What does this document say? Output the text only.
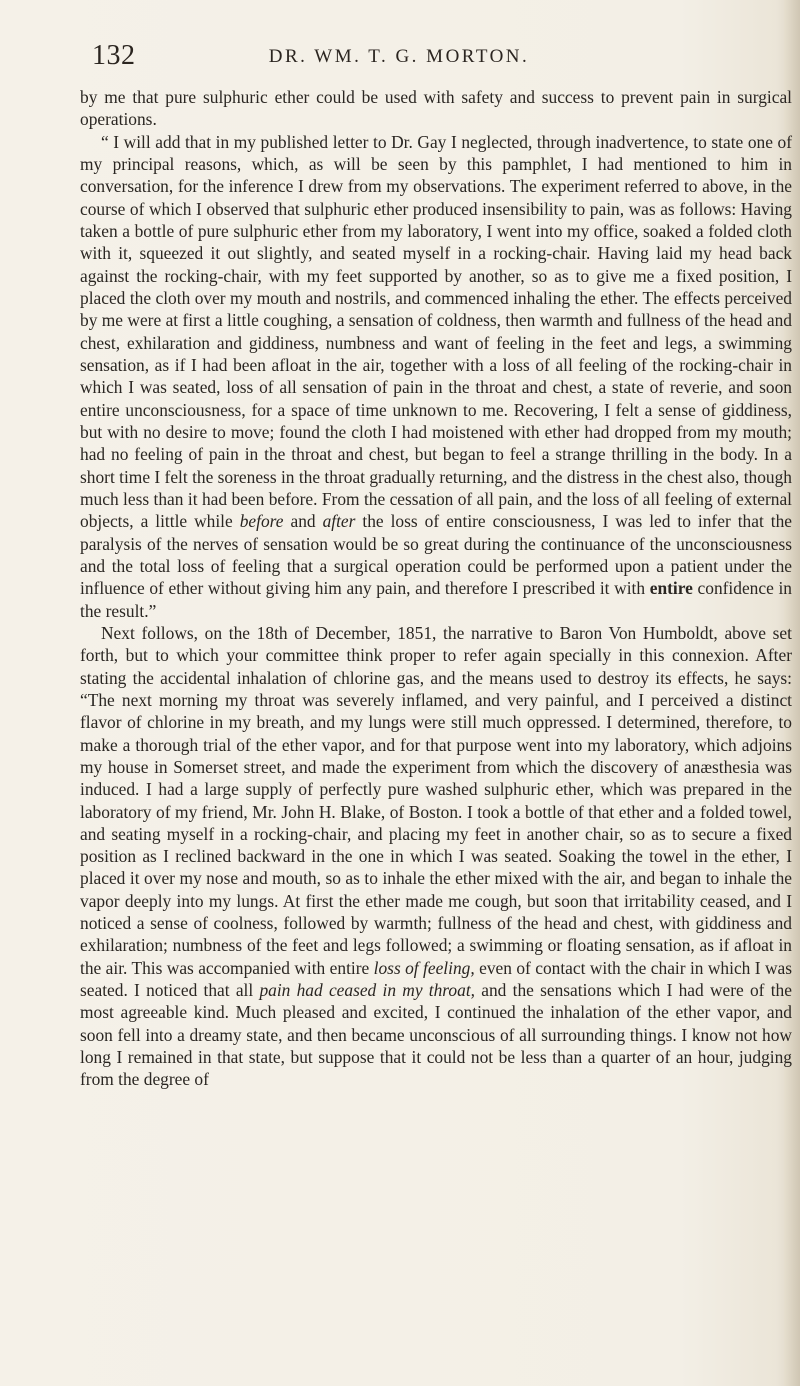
132	DR. WM. T. G. MORTON.

by me that pure sulphuric ether could be used with safety and success to prevent pain in surgical operations.

“ I will add that in my published letter to Dr. Gay I neglected, through inadvertence, to state one of my principal reasons, which, as will be seen by this pamphlet, I had mentioned to him in conversation, for the inference I drew from my observations. The experiment referred to above, in the course of which I observed that sulphuric ether produced insensibility to pain, was as follows: Having taken a bottle of pure sulphuric ether from my laboratory, I went into my office, soaked a folded cloth with it, squeezed it out slightly, and seated myself in a rocking-chair. Having laid my head back against the rocking-chair, with my feet supported by another, so as to give me a fixed position, I placed the cloth over my mouth and nostrils, and commenced inhaling the ether. The effects perceived by me were at first a little coughing, a sensation of coldness, then warmth and fullness of the head and chest, exhilaration and giddiness, numbness and want of feeling in the feet and legs, a swimming sensation, as if I had been afloat in the air, together with a loss of all feeling of the rocking-chair in which I was seated, loss of all sensation of pain in the throat and chest, a state of reverie, and soon entire unconsciousness, for a space of time unknown to me. Recovering, I felt a sense of giddiness, but with no desire to move; found the cloth I had moistened with ether had dropped from my mouth; had no feeling of pain in the throat and chest, but began to feel a strange thrilling in the body. In a short time I felt the soreness in the throat gradually returning, and the distress in the chest also, though much less than it had been before. From the cessation of all pain, and the loss of all feeling of external objects, a little while before and after the loss of entire consciousness, I was led to infer that the paralysis of the nerves of sensation would be so great during the continuance of the unconsciousness and the total loss of feeling that a surgical operation could be performed upon a patient under the influence of ether without giving him any pain, and therefore I prescribed it with entire confidence in the result.”

Next follows, on the 18th of December, 1851, the narrative to Baron Von Humboldt, above set forth, but to which your committee think proper to refer again specially in this connexion. After stating the accidental inhalation of chlorine gas, and the means used to destroy its effects, he says: “The next morning my throat was severely inflamed, and very painful, and I perceived a distinct flavor of chlorine in my breath, and my lungs were still much oppressed. I determined, therefore, to make a thorough trial of the ether vapor, and for that purpose went into my laboratory, which adjoins my house in Somerset street, and made the experiment from which the discovery of anæsthesia was induced. I had a large supply of perfectly pure washed sulphuric ether, which was prepared in the laboratory of my friend, Mr. John H. Blake, of Boston. I took a bottle of that ether and a folded towel, and seating myself in a rocking-chair, and placing my feet in another chair, so as to secure a fixed position as I reclined backward in the one in which I was seated. Soaking the towel in the ether, I placed it over my nose and mouth, so as to inhale the ether mixed with the air, and began to inhale the vapor deeply into my lungs. At first the ether made me cough, but soon that irritability ceased, and I noticed a sense of coolness, followed by warmth; fullness of the head and chest, with giddiness and exhilaration; numbness of the feet and legs followed; a swimming or floating sensation, as if afloat in the air. This was accompanied with entire loss of feeling, even of contact with the chair in which I was seated. I noticed that all pain had ceased in my throat, and the sensations which I had were of the most agreeable kind. Much pleased and excited, I continued the inhalation of the ether vapor, and soon fell into a dreamy state, and then became unconscious of all surrounding things. I know not how long I remained in that state, but suppose that it could not be less than a quarter of an hour, judging from the degree of
